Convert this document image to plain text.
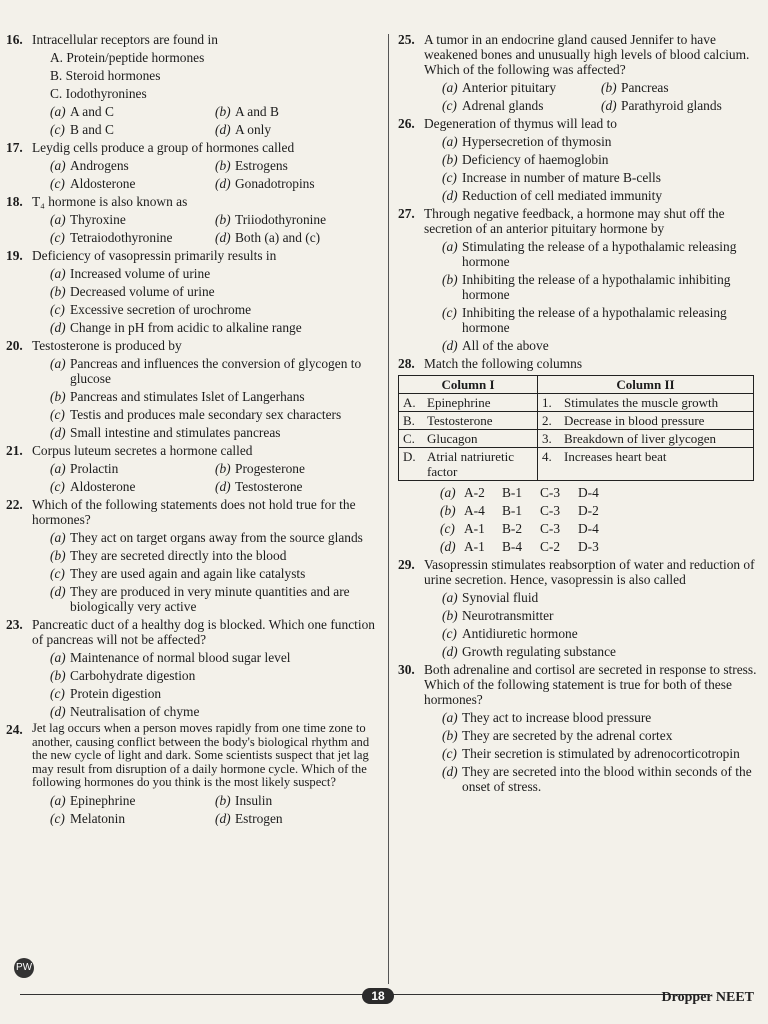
16. Intracellular receptors are found in
A. Protein/peptide hormones
B. Steroid hormones
C. Iodothyronines
(a) A and C	(b) A and B
(c) B and C	(d) A only
17. Leydig cells produce a group of hormones called
(a) Androgens	(b) Estrogens
(c) Aldosterone	(d) Gonadotropins
18. T₄ hormone is also known as
(a) Thyroxine	(b) Triiodothyronine
(c) Tetraiodothyronine	(d) Both (a) and (c)
19. Deficiency of vasopressin primarily results in
(a) Increased volume of urine
(b) Decreased volume of urine
(c) Excessive secretion of urochrome
(d) Change in pH from acidic to alkaline range
20. Testosterone is produced by
(a) Pancreas and influences the conversion of glycogen to glucose
(b) Pancreas and stimulates Islet of Langerhans
(c) Testis and produces male secondary sex characters
(d) Small intestine and stimulates pancreas
21. Corpus luteum secretes a hormone called
(a) Prolactin	(b) Progesterone
(c) Aldosterone	(d) Testosterone
22. Which of the following statements does not hold true for the hormones?
(a) They act on target organs away from the source glands
(b) They are secreted directly into the blood
(c) They are used again and again like catalysts
(d) They are produced in very minute quantities and are biologically very active
23. Pancreatic duct of a healthy dog is blocked. Which one function of pancreas will not be affected?
(a) Maintenance of normal blood sugar level
(b) Carbohydrate digestion
(c) Protein digestion
(d) Neutralisation of chyme
24. Jet lag occurs when a person moves rapidly from one time zone to another, causing conflict between the body's biological rhythm and the new cycle of light and dark. Some scientists suspect that jet lag may result from disruption of a daily hormone cycle. Which of the following hormones do you think is the most likely suspect?
(a) Epinephrine	(b) Insulin
(c) Melatonin	(d) Estrogen
25. A tumor in an endocrine gland caused Jennifer to have weakened bones and unusually high levels of blood calcium. Which of the following was affected?
(a) Anterior pituitary	(b) Pancreas
(c) Adrenal glands	(d) Parathyroid glands
26. Degeneration of thymus will lead to
(a) Hypersecretion of thymosin
(b) Deficiency of haemoglobin
(c) Increase in number of mature B-cells
(d) Reduction of cell mediated immunity
27. Through negative feedback, a hormone may shut off the secretion of an anterior pituitary hormone by
(a) Stimulating the release of a hypothalamic releasing hormone
(b) Inhibiting the release of a hypothalamic inhibiting hormone
(c) Inhibiting the release of a hypothalamic releasing hormone
(d) All of the above
28. Match the following columns
Column I	Column II
A. Epinephrine	1. Stimulates the muscle growth
B. Testosterone	2. Decrease in blood pressure
C. Glucagon	3. Breakdown of liver glycogen
D. Atrial natriuretic factor	4. Increases heart beat
(a) A-2	B-1	C-3	D-4
(b) A-4	B-1	C-3	D-2
(c) A-1	B-2	C-3	D-4
(d) A-1	B-4	C-2	D-3
29. Vasopressin stimulates reabsorption of water and reduction of urine secretion. Hence, vasopressin is also called
(a) Synovial fluid
(b) Neurotransmitter
(c) Antidiuretic hormone
(d) Growth regulating substance
30. Both adrenaline and cortisol are secreted in response to stress. Which of the following statement is true for both of these hormones?
(a) They act to increase blood pressure
(b) They are secreted by the adrenal cortex
(c) Their secretion is stimulated by adrenocorticotropin
(d) They are secreted into the blood within seconds of the onset of stress.
PW
18	Dropper NEET
